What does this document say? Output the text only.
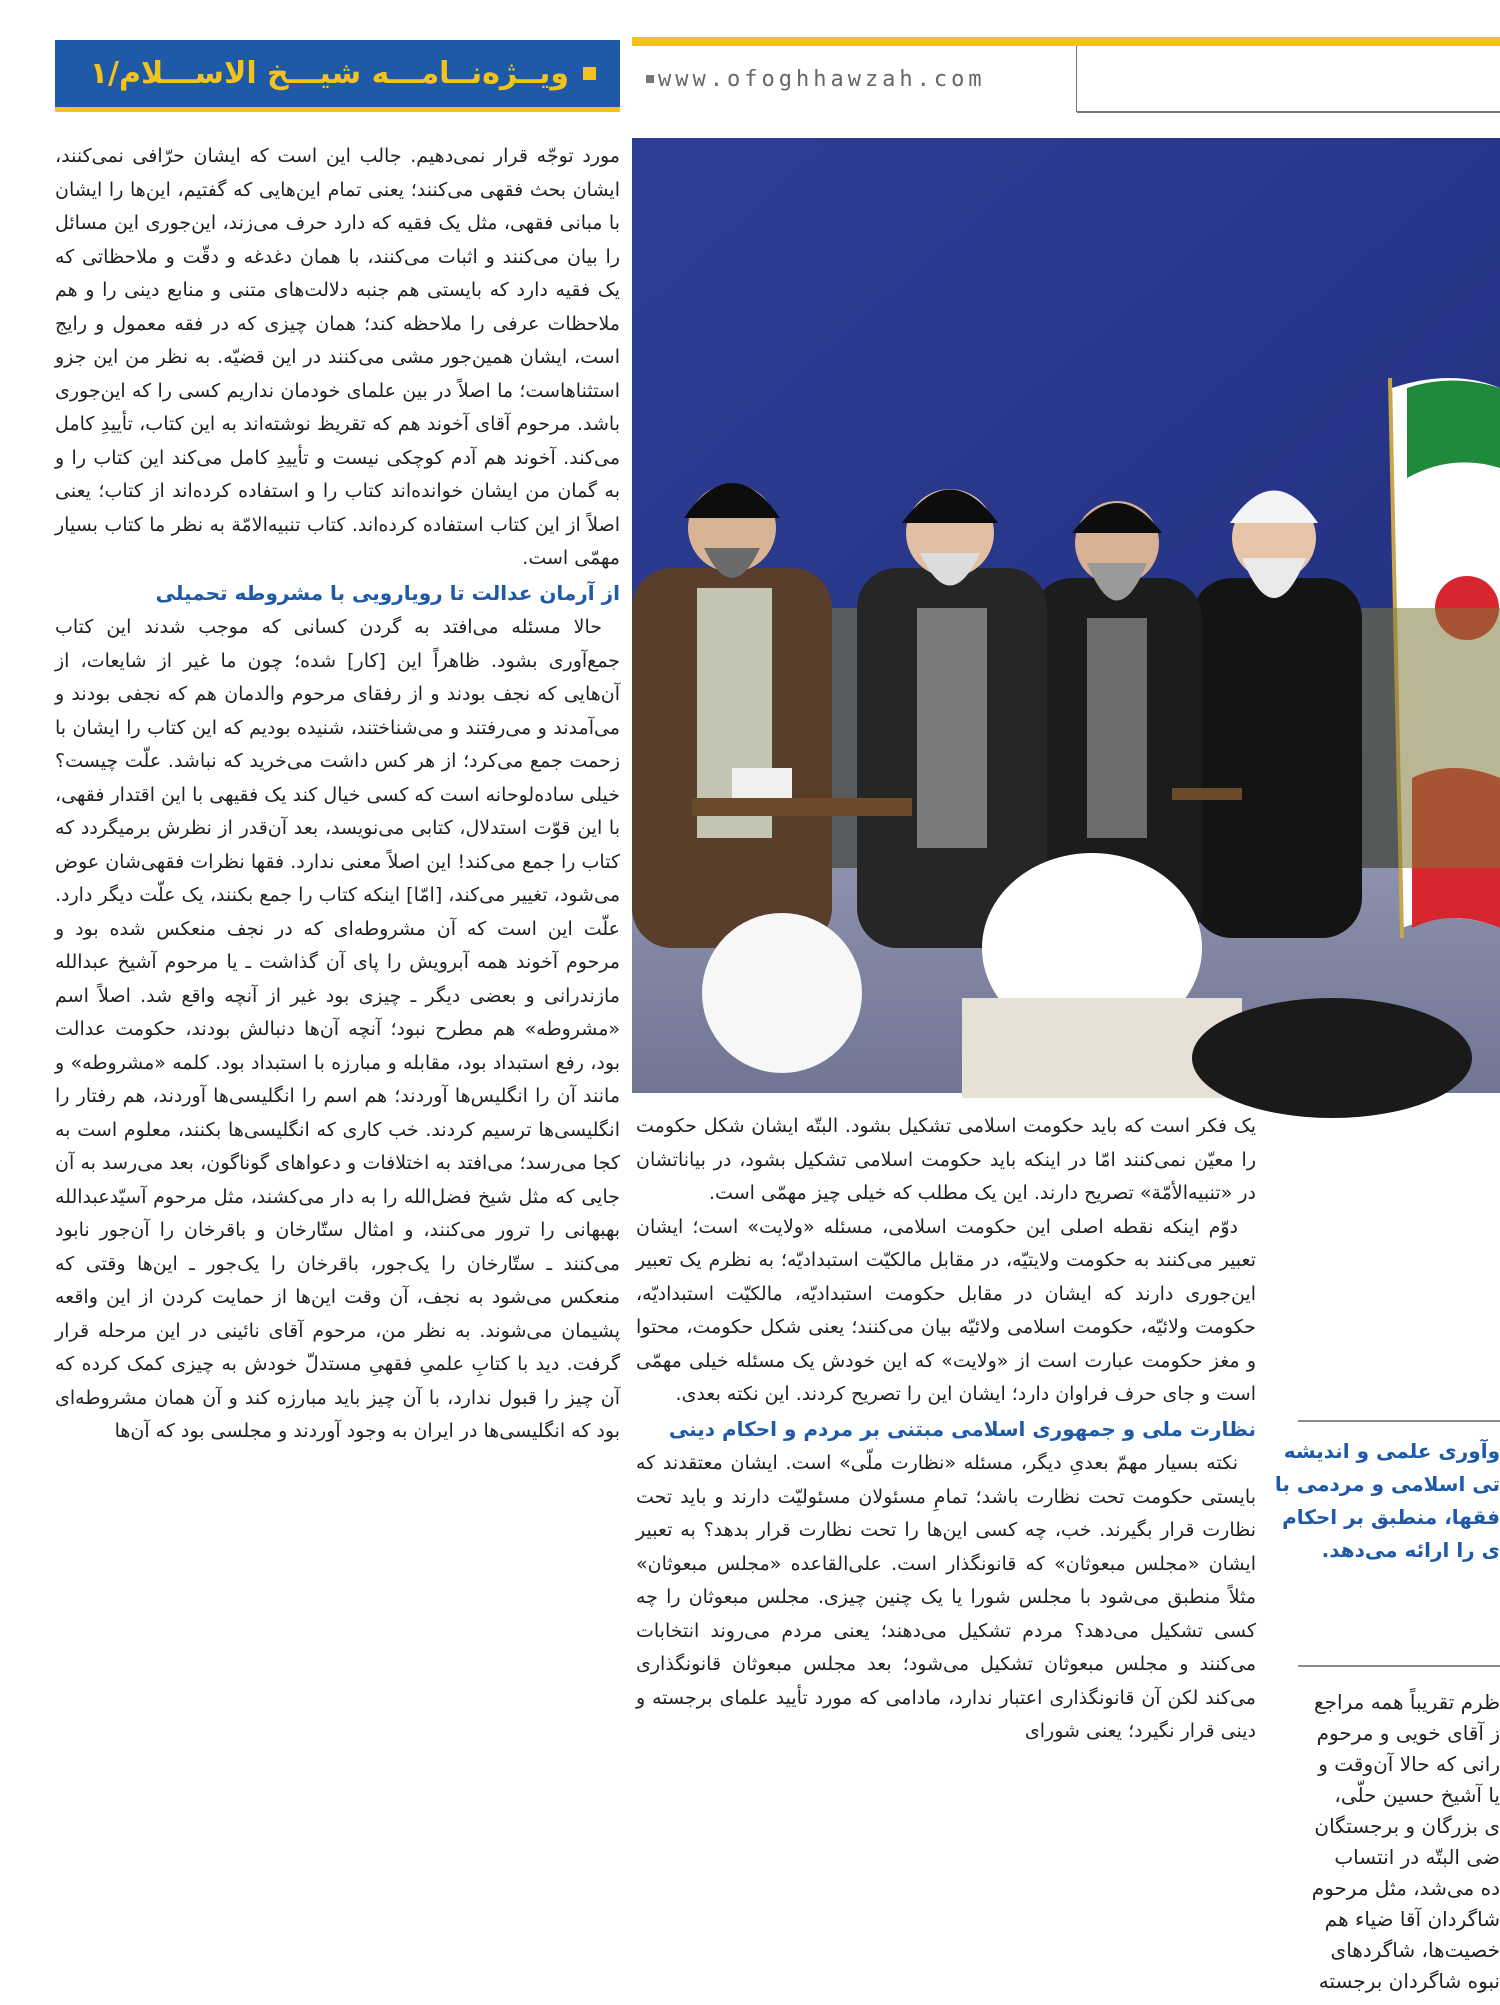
ویــژه‌نــامـــه شیـــخ الاســـلام/۱	www.ofoghhawzah.com

مورد توجّه قرار نمی‌دهیم. جالب این است که ایشان حرّافی نمی‌کنند، ایشان بحث فقهی می‌کنند؛ یعنی تمام این‌هایی که گفتیم، این‌ها را ایشان با مبانی فقهی، مثل یک فقیه که دارد حرف می‌زند، این‌جوری این مسائل را بیان می‌کنند و اثبات می‌کنند، با همان دغدغه و دقّت و ملاحظاتی که یک فقیه دارد که بایستی هم جنبه دلالت‌های متنی و منابع دینی را و هم ملاحظات عرفی را ملاحظه کند؛ همان چیزی که در فقه معمول و رایج است، ایشان همین‌جور مشی می‌کنند در این قضیّه. به نظر من این جزو استثناهاست؛ ما اصلاً در بین علمای خودمان نداریم کسی را که این‌جوری باشد. مرحوم آقای آخوند هم که تقریظ نوشته‌اند به این کتاب، تأییدِ کامل می‌کند. آخوند هم آدم کوچکی نیست و تأییدِ کامل می‌کند این کتاب را و به گمان من ایشان خوانده‌اند کتاب را و استفاده کرده‌اند از کتاب؛ یعنی اصلاً از این کتاب استفاده کرده‌اند. کتاب تنبیه‌الامّة به نظر ما کتاب بسیار مهمّی است.

از آرمان عدالت تا رویارویی با مشروطه تحمیلی

حالا مسئله می‌افتد به گردن کسانی که موجب شدند این کتاب جمع‌آوری بشود. ظاهراً این [کار] شده؛ چون ما غیر از شایعات، از آن‌هایی که نجف بودند و از رفقای مرحوم والدمان هم که نجفی بودند و می‌آمدند و می‌رفتند و می‌شناختند، شنیده بودیم که این کتاب را ایشان با زحمت جمع می‌کرد؛ از هر کس داشت می‌خرید که نباشد. علّت چیست؟ خیلی ساده‌لوحانه است که کسی خیال کند یک فقیهی با این اقتدار فقهی، با این قوّت استدلال، کتابی می‌نویسد، بعد آن‌قدر از نظرش برمیگردد که کتاب را جمع می‌کند! این اصلاً معنی ندارد. فقها نظرات فقهی‌شان عوض می‌شود، تغییر می‌کند، [امّا] اینکه کتاب را جمع بکنند، یک علّت دیگر دارد. علّت این است که آن مشروطه‌ای که در نجف منعکس شده بود و مرحوم آخوند همه آبرویش را پای آن گذاشت ـ یا مرحوم آشیخ عبدالله مازندرانی و بعضی دیگر ـ چیزی بود غیر از آنچه واقع شد. اصلاً اسم «مشروطه» هم مطرح نبود؛ آنچه آن‌ها دنبالش بودند، حکومت عدالت بود، رفع استبداد بود، مقابله و مبارزه با استبداد بود. کلمه «مشروطه» و مانند آن را انگلیس‌ها آوردند؛ هم اسم را انگلیسی‌ها آوردند، هم رفتار را انگلیسی‌ها ترسیم کردند. خب کاری که انگلیسی‌ها بکنند، معلوم است به کجا می‌رسد؛ می‌افتد به اختلافات و دعواهای گوناگون، بعد می‌رسد به آن جایی که مثل شیخ فضل‌الله را به دار می‌کشند، مثل مرحوم آسیّدعبدالله بهبهانی را ترور می‌کنند، و امثال ستّارخان و باقرخان را آن‌جور نابود می‌کنند ـ ستّارخان را یک‌جور، باقرخان را یک‌جور ـ این‌ها وقتی که منعکس می‌شود به نجف، آن وقت این‌ها از حمایت کردن از این واقعه پشیمان می‌شوند. به نظر من، مرحوم آقای نائینی در این مرحله قرار گرفت. دید با کتابِ علمیِ فقهیِ مستدلّ خودش به چیزی کمک کرده که آن چیز را قبول ندارد، با آن چیز باید مبارزه کند و آن همان مشروطه‌ای بود که انگلیسی‌ها در ایران به وجود آوردند و مجلسی بود که آن‌ها

یک فکر است که باید حکومت اسلامی تشکیل بشود. البتّه ایشان شکل حکومت را معیّن نمی‌کنند امّا در اینکه باید حکومت اسلامی تشکیل بشود، در بیاناتشان در «تنبیه‌الأمّة» تصریح دارند. این یک مطلب که خیلی چیز مهمّی است.

دوّم اینکه نقطه اصلی این حکومت اسلامی، مسئله «ولایت» است؛ ایشان تعبیر می‌کنند به حکومت ولایتیّه، در مقابل مالکیّت استبدادیّه؛ به نظرم یک تعبیر این‌جوری دارند که ایشان در مقابل حکومت استبدادیّه، مالکیّت استبدادیّه، حکومت ولائیّه، حکومت اسلامی ولائیّه بیان می‌کنند؛ یعنی شکل حکومت، محتوا و مغز حکومت عبارت است از «ولایت» که این خودش یک مسئله خیلی مهمّی است و جای حرف فراوان دارد؛ ایشان این را تصریح کردند. این نکته بعدی.

نظارت ملی و جمهوری اسلامی مبتنی بر مردم و احکام دینی

نکته بسیار مهمّ بعدیِ دیگر، مسئله «نظارت ملّی» است. ایشان معتقدند که بایستی حکومت تحت نظارت باشد؛ تمامِ مسئولان مسئولیّت دارند و باید تحت نظارت قرار بگیرند. خب، چه کسی این‌ها را تحت نظارت قرار بدهد؟ به تعبیر ایشان «مجلس مبعوثان» که قانونگذار است. علی‌القاعده «مجلس مبعوثان» مثلاً منطبق می‌شود با مجلس شورا یا یک چنین چیزی. مجلس مبعوثان را چه کسی تشکیل می‌دهد؟ مردم تشکیل می‌دهند؛ یعنی مردم می‌روند انتخابات می‌کنند و مجلس مبعوثان تشکیل می‌شود؛ بعد مجلس مبعوثان قانونگذاری می‌کند لکن آن قانونگذاری اعتبار ندارد، مادامی که مورد تأیید علمای برجسته و دینی قرار نگیرد؛ یعنی شورای

وآوری علمی و اندیشه
تی اسلامی و مردمی با
فقها، منطبق بر احکام
ی را ارائه می‌دهد.
ظرم تقریباً همه مراجع
ز آقای خویی و مرحوم
رانی که حالا آن‌وقت و
یا آشیخ حسین حلّی،
ی بزرگان و برجستگان
ضی البتّه در انتساب
ده می‌شد، مثل مرحوم
شاگردان آقا ضیاء هم
خصیت‌ها، شاگردهای
نبوه شاگردان برجسته
